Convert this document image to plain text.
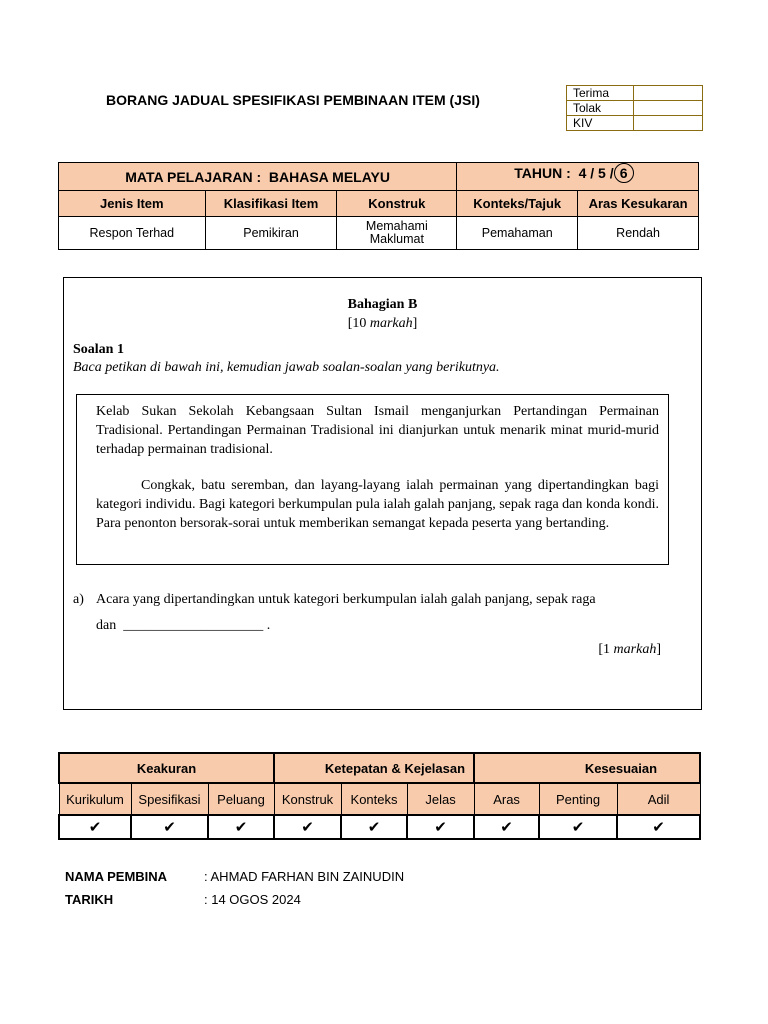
BORANG JADUAL SPESIFIKASI PEMBINAAN ITEM (JSI)	Terima	
Tolak	
KIV	
MATA PELAJARAN : BAHASA MELAYU			TAHUN : 4 / 5 / 6	
Jenis Item	Klasifikasi Item	Konstruk	Konteks/Tajuk	Aras Kesukaran
Respon Terhad	Pemikiran	Memahami Maklumat	Pemahaman	Rendah
Bahagian B
[10 markah]
Soalan 1
Baca petikan di bawah ini, kemudian jawab soalan-soalan yang berikutnya.

Kelab Sukan Sekolah Kebangsaan Sultan Ismail menganjurkan Pertandingan Permainan Tradisional. Pertandingan Permainan Tradisional ini dianjurkan untuk menarik minat murid-murid terhadap permainan tradisional.

Congkak, batu seremban, dan layang-layang ialah permainan yang dipertandingkan bagi kategori individu. Bagi kategori berkumpulan pula ialah galah panjang, sepak raga dan konda kondi. Para penonton bersorak-sorai untuk memberikan semangat kepada peserta yang bertanding.

a) Acara yang dipertandingkan untuk kategori berkumpulan ialah galah panjang, sepak raga
dan  ____________________ .
[1 markah]
Keakuran			Ketepatan & Kejelasan			Kesesuaian		
Kurikulum	Spesifikasi	Peluang	Konstruk	Konteks	Jelas	Aras	Penting	Adil
✔	✔	✔	✔	✔	✔	✔	✔	✔
NAMA PEMBINA	: AHMAD FARHAN BIN ZAINUDIN
TARIKH	: 14 OGOS 2024
